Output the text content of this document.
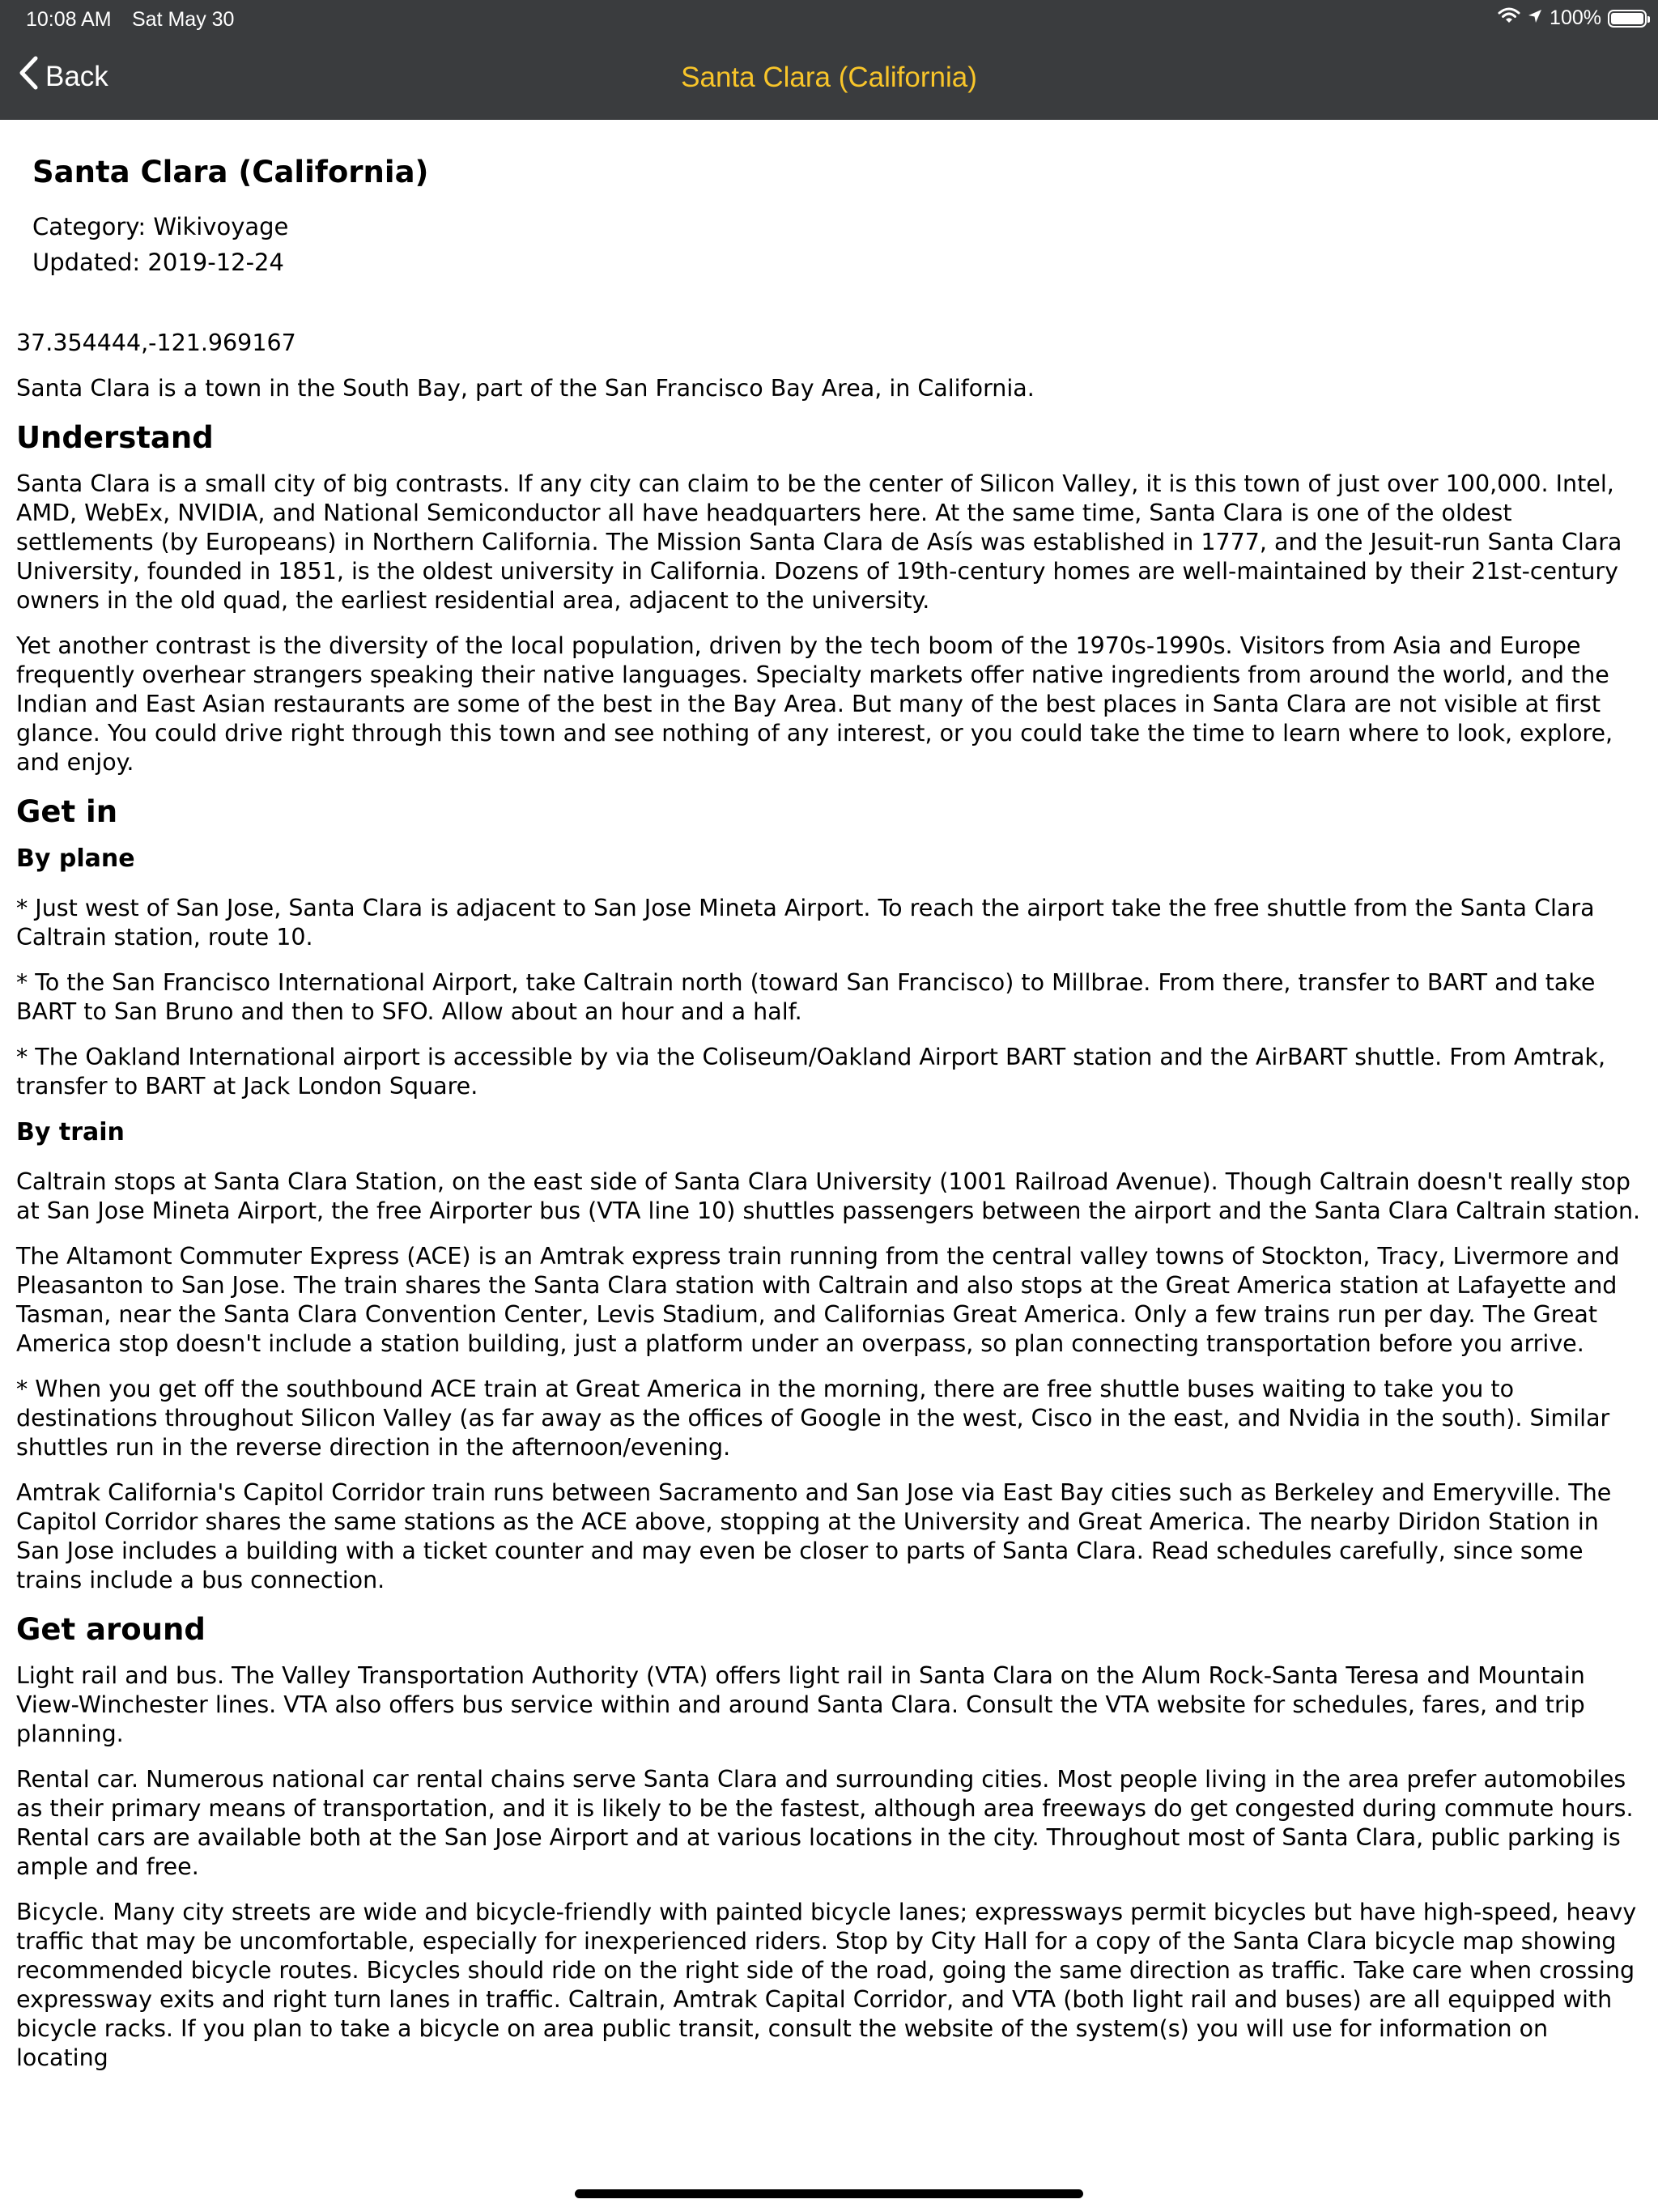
10:08 AM Sat May 30	100%
Back	Santa Clara (California)
Santa Clara (California)
Category: Wikivoyage
Updated: 2019-12-24

37.354444,-121.969167

Santa Clara is a town in the South Bay, part of the San Francisco Bay Area, in California.

Understand

Santa Clara is a small city of big contrasts. If any city can claim to be the center of Silicon Valley, it is this town of just over 100,000. Intel, AMD, WebEx, NVIDIA, and National Semiconductor all have headquarters here. At the same time, Santa Clara is one of the oldest settlements (by Europeans) in Northern California. The Mission Santa Clara de Asís was established in 1777, and the Jesuit-run Santa Clara University, founded in 1851, is the oldest university in California. Dozens of 19th-century homes are well-maintained by their 21st-century owners in the old quad, the earliest residential area, adjacent to the university.

Yet another contrast is the diversity of the local population, driven by the tech boom of the 1970s-1990s. Visitors from Asia and Europe frequently overhear strangers speaking their native languages. Specialty markets offer native ingredients from around the world, and the Indian and East Asian restaurants are some of the best in the Bay Area. But many of the best places in Santa Clara are not visible at first glance. You could drive right through this town and see nothing of any interest, or you could take the time to learn where to look, explore, and enjoy.

Get in
By plane

* Just west of San Jose, Santa Clara is adjacent to San Jose Mineta Airport. To reach the airport take the free shuttle from the Santa Clara Caltrain station, route 10.

* To the San Francisco International Airport, take Caltrain north (toward San Francisco) to Millbrae. From there, transfer to BART and take BART to San Bruno and then to SFO. Allow about an hour and a half.

* The Oakland International airport is accessible by via the Coliseum/Oakland Airport BART station and the AirBART shuttle. From Amtrak, transfer to BART at Jack London Square.

By train

Caltrain stops at Santa Clara Station, on the east side of Santa Clara University (1001 Railroad Avenue). Though Caltrain doesn't really stop at San Jose Mineta Airport, the free Airporter bus (VTA line 10) shuttles passengers between the airport and the Santa Clara Caltrain station.

The Altamont Commuter Express (ACE) is an Amtrak express train running from the central valley towns of Stockton, Tracy, Livermore and Pleasanton to San Jose. The train shares the Santa Clara station with Caltrain and also stops at the Great America station at Lafayette and Tasman, near the Santa Clara Convention Center, Levis Stadium, and Californias Great America. Only a few trains run per day. The Great America stop doesn't include a station building, just a platform under an overpass, so plan connecting transportation before you arrive.

* When you get off the southbound ACE train at Great America in the morning, there are free shuttle buses waiting to take you to destinations throughout Silicon Valley (as far away as the offices of Google in the west, Cisco in the east, and Nvidia in the south). Similar shuttles run in the reverse direction in the afternoon/evening.

Amtrak California's Capitol Corridor train runs between Sacramento and San Jose via East Bay cities such as Berkeley and Emeryville. The Capitol Corridor shares the same stations as the ACE above, stopping at the University and Great America. The nearby Diridon Station in San Jose includes a building with a ticket counter and may even be closer to parts of Santa Clara. Read schedules carefully, since some trains include a bus connection.

Get around

Light rail and bus. The Valley Transportation Authority (VTA) offers light rail in Santa Clara on the Alum Rock-Santa Teresa and Mountain View-Winchester lines. VTA also offers bus service within and around Santa Clara. Consult the VTA website for schedules, fares, and trip planning.

Rental car. Numerous national car rental chains serve Santa Clara and surrounding cities. Most people living in the area prefer automobiles as their primary means of transportation, and it is likely to be the fastest, although area freeways do get congested during commute hours. Rental cars are available both at the San Jose Airport and at various locations in the city. Throughout most of Santa Clara, public parking is ample and free.

Bicycle. Many city streets are wide and bicycle-friendly with painted bicycle lanes; expressways permit bicycles but have high-speed, heavy traffic that may be uncomfortable, especially for inexperienced riders. Stop by City Hall for a copy of the Santa Clara bicycle map showing recommended bicycle routes. Bicycles should ride on the right side of the road, going the same direction as traffic. Take care when crossing expressway exits and right turn lanes in traffic. Caltrain, Amtrak Capital Corridor, and VTA (both light rail and buses) are all equipped with bicycle racks. If you plan to take a bicycle on area public transit, consult the website of the system(s) you will use for information on locating
